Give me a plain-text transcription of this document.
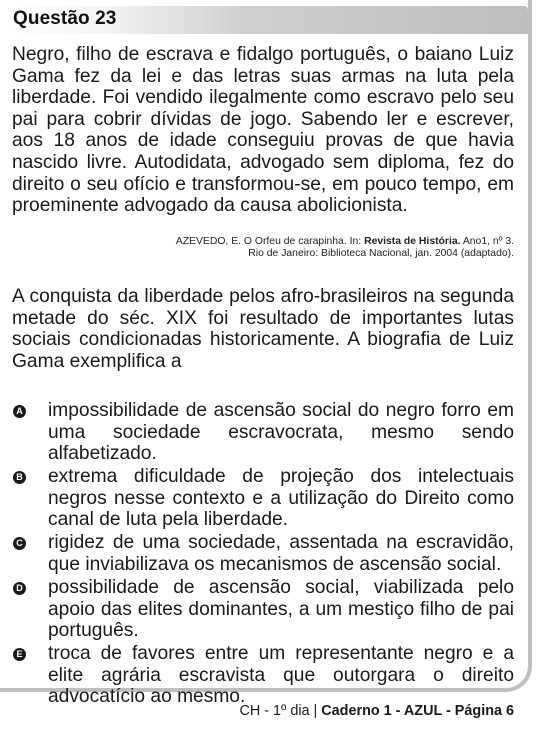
Questão 23
Negro, filho de escrava e fidalgo português, o baiano Luiz Gama fez da lei e das letras suas armas na luta pela liberdade. Foi vendido ilegalmente como escravo pelo seu pai para cobrir dívidas de jogo. Sabendo ler e escrever, aos 18 anos de idade conseguiu provas de que havia nascido livre. Autodidata, advogado sem diploma, fez do direito o seu ofício e transformou-se, em pouco tempo, em proeminente advogado da causa abolicionista.
AZEVEDO, E. O Orfeu de carapinha. In: Revista de História. Ano1, nº 3.
Rio de Janeiro: Biblioteca Nacional, jan. 2004 (adaptado).
A conquista da liberdade pelos afro-brasileiros na segunda metade do séc. XIX foi resultado de importantes lutas sociais condicionadas historicamente. A biografia de Luiz Gama exemplifica a
A impossibilidade de ascensão social do negro forro em uma sociedade escravocrata, mesmo sendo alfabetizado.
B extrema dificuldade de projeção dos intelectuais negros nesse contexto e a utilização do Direito como canal de luta pela liberdade.
C rigidez de uma sociedade, assentada na escravidão, que inviabilizava os mecanismos de ascensão social.
D possibilidade de ascensão social, viabilizada pelo apoio das elites dominantes, a um mestiço filho de pai português.
E troca de favores entre um representante negro e a elite agrária escravista que outorgara o direito advocatício ao mesmo.
CH - 1º dia | Caderno 1 - AZUL - Página 6
